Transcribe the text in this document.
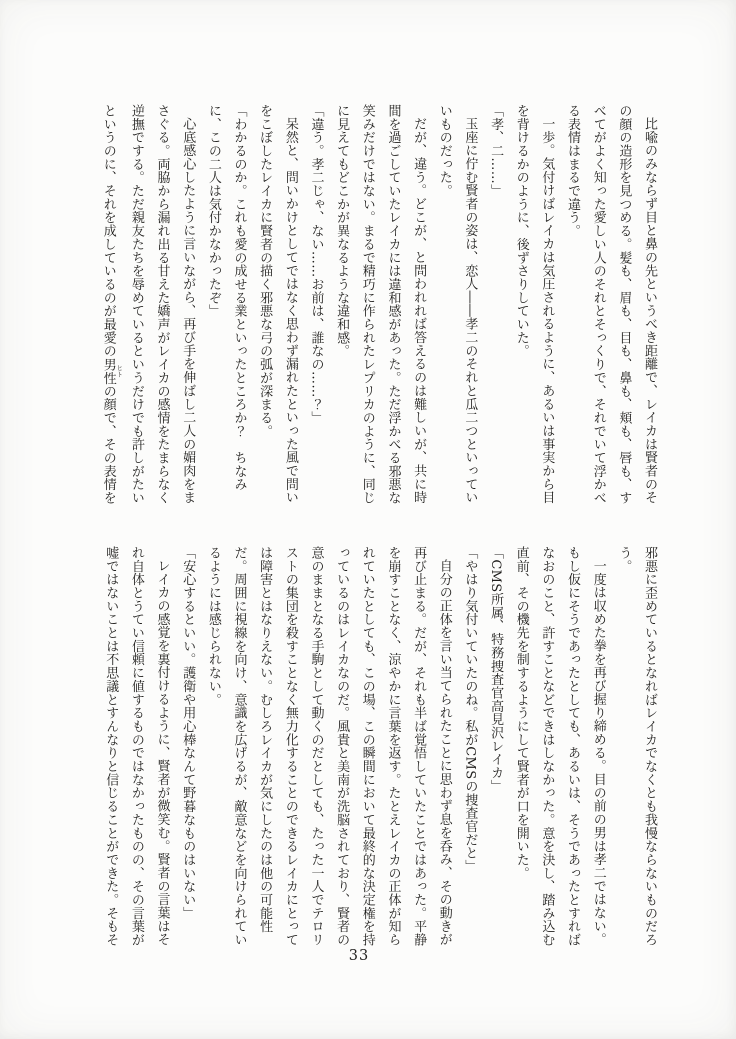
比喩のみならず目と鼻の先というべき距離で、レイカは賢者のそ
の顔の造形を見つめる。髪も、眉も、目も、鼻も、頬も、唇も、す
べてがよく知った愛しい人のそれとそっくりで、それでいて浮かべ
る表情はまるで違う。
一歩。気付けばレイカは気圧されるように、あるいは事実から目
を背けるかのように、後ずさりしていた。
「孝、二……」
玉座に佇む賢者の姿は、恋人――孝二のそれと瓜二つといってい
いものだった。
だが、違う。どこが、と問われれば答えるのは難しいが、共に時
間を過ごしていたレイカには違和感があった。ただ浮かべる邪悪な
笑みだけではない。まるで精巧に作られたレプリカのように、同じ
に見えてもどこかが異なるような違和感。
「違う。孝二じゃ、ない……お前は、誰なの……？」
呆然と、問いかけとしてではなく思わず漏れたといった風で問い
をこぼしたレイカに賢者の描く邪悪な弓の弧が深まる。
「わかるのか。これも愛の成せる業といったところか？　ちなみ
に、この二人は気付かなかったぞ」
心底感心したように言いながら、再び手を伸ばし二人の媚肉をま
さぐる。両脇から漏れ出る甘えた嬌声がレイカの感情をたまらなく
逆撫でする。ただ親友たちを辱めているというだけでも許しがたい
というのに、それを成しているのが最愛の男性 ヒトの顔で、その表情を
邪悪に歪めているとなればレイカでなくとも我慢ならないものだろ
う。
一度は収めた拳を再び握り締める。目の前の男は孝二ではない。
もし仮にそうであったとしても、あるいは、そうであったとすれば
なおのこと、許すことなどできはしなかった。意を決し、踏み込む
直前、その機先を制するようにして賢者が口を開いた。
「CMS所属、特務捜査官高見沢レイカ」
「やはり気付いていたのね。私がCMSの捜査官だと」
自分の正体を言い当てられたことに思わず息を呑み、その動きが
再び止まる。だが、それも半ば覚悟していたことではあった。平静
を崩すことなく、涼やかに言葉を返す。たとえレイカの正体が知ら
れていたとしても、この場、この瞬間において最終的な決定権を持
っているのはレイカなのだ。風貴と美南が洗脳されており、賢者の
意のままとなる手駒として動くのだとしても、たった一人でテロリ
ストの集団を殺すことなく無力化することのできるレイカにとって
は障害とはなりえない。むしろレイカが気にしたのは他の可能性
だ。周囲に視線を向け、意識を広げるが、敵意などを向けられてい
るようには感じられない。
「安心するといい。護衛や用心棒なんて野暮なものはいない」
レイカの感覚を裏付けるように、賢者が微笑む。賢者の言葉はそ
れ自体とうてい信頼に値するものではなかったものの、その言葉が
嘘ではないことは不思議とすんなりと信じることができた。そもそ
33
